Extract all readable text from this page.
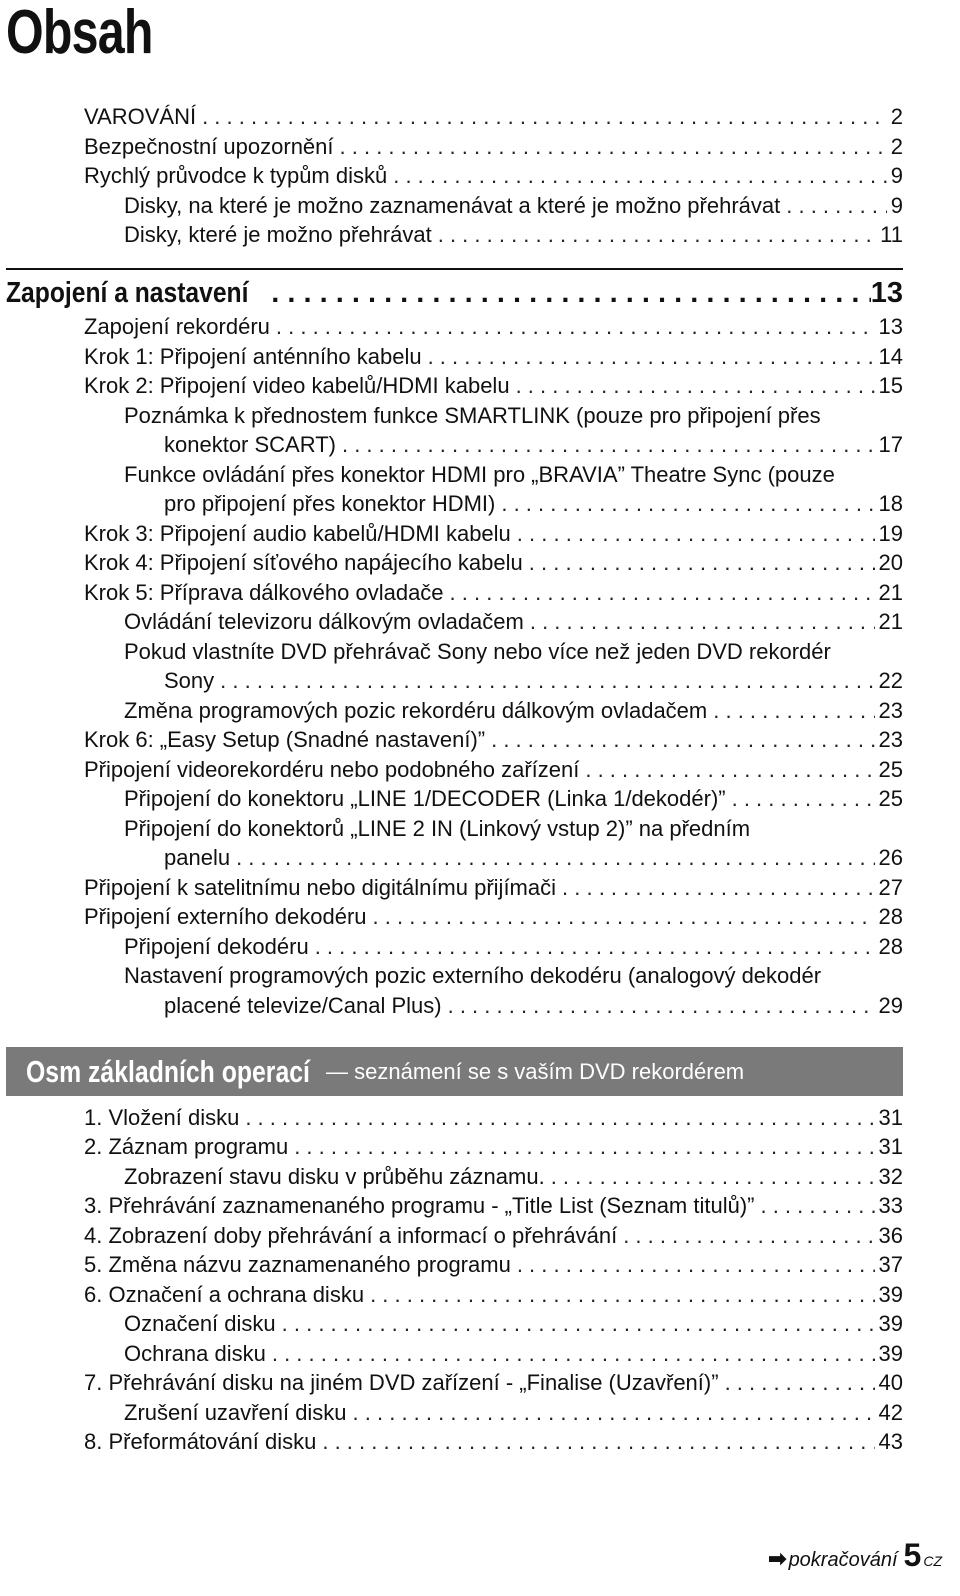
Obsah
VAROVÁNÍ . . .	2
Bezpečnostní upozornění . . .	2
Rychlý průvodce k typům disků . . .	9
Disky, na které je možno zaznamenávat a které je možno přehrávat . . .	9
Disky, které je možno přehrávat . . .	11
Zapojení a nastavení . . .	13
Zapojení rekordéru . . .	13
Krok 1: Připojení anténního kabelu . . .	14
Krok 2: Připojení video kabelů/HDMI kabelu . . .	15
Poznámka k přednostem funkce SMARTLINK (pouze pro připojení přes
konektor SCART) . . .	17
Funkce ovládání přes konektor HDMI pro „BRAVIA” Theatre Sync (pouze
pro připojení přes konektor HDMI) . . .	18
Krok 3: Připojení audio kabelů/HDMI kabelu . . .	19
Krok 4: Připojení síťového napájecího kabelu . . .	20
Krok 5: Příprava dálkového ovladače . . .	21
Ovládání televizoru dálkovým ovladačem . . .	21
Pokud vlastníte DVD přehrávač Sony nebo více než jeden DVD rekordér
Sony . . .	22
Změna programových pozic rekordéru dálkovým ovladačem . . .	23
Krok 6: „Easy Setup (Snadné nastavení)” . . .	23
Připojení videorekordéru nebo podobného zařízení . . .	25
Připojení do konektoru „LINE 1/DECODER (Linka 1/dekodér)” . . .	25
Připojení do konektorů „LINE 2 IN (Linkový vstup 2)” na předním
panelu . . .	26
Připojení k satelitnímu nebo digitálnímu přijímači . . .	27
Připojení externího dekodéru . . .	28
Připojení dekodéru . . .	28
Nastavení programových pozic externího dekodéru (analogový dekodér
placené televize/Canal Plus) . . .	29
Osm základních operací — seznámení se s vaším DVD rekordérem
1. Vložení disku . . .	31
2. Záznam programu . . .	31
Zobrazení stavu disku v průběhu záznamu. . . .	32
3. Přehrávání zaznamenaného programu - „Title List (Seznam titulů)” . . .	33
4. Zobrazení doby přehrávání a informací o přehrávání . . .	36
5. Změna názvu zaznamenaného programu . . .	37
6. Označení a ochrana disku . . .	39
Označení disku . . .	39
Ochrana disku . . .	39
7. Přehrávání disku na jiném DVD zařízení - „Finalise (Uzavření)” . . .	40
Zrušení uzavření disku . . .	42
8. Přeformátování disku . . .	43
➡ pokračování 5 CZ
